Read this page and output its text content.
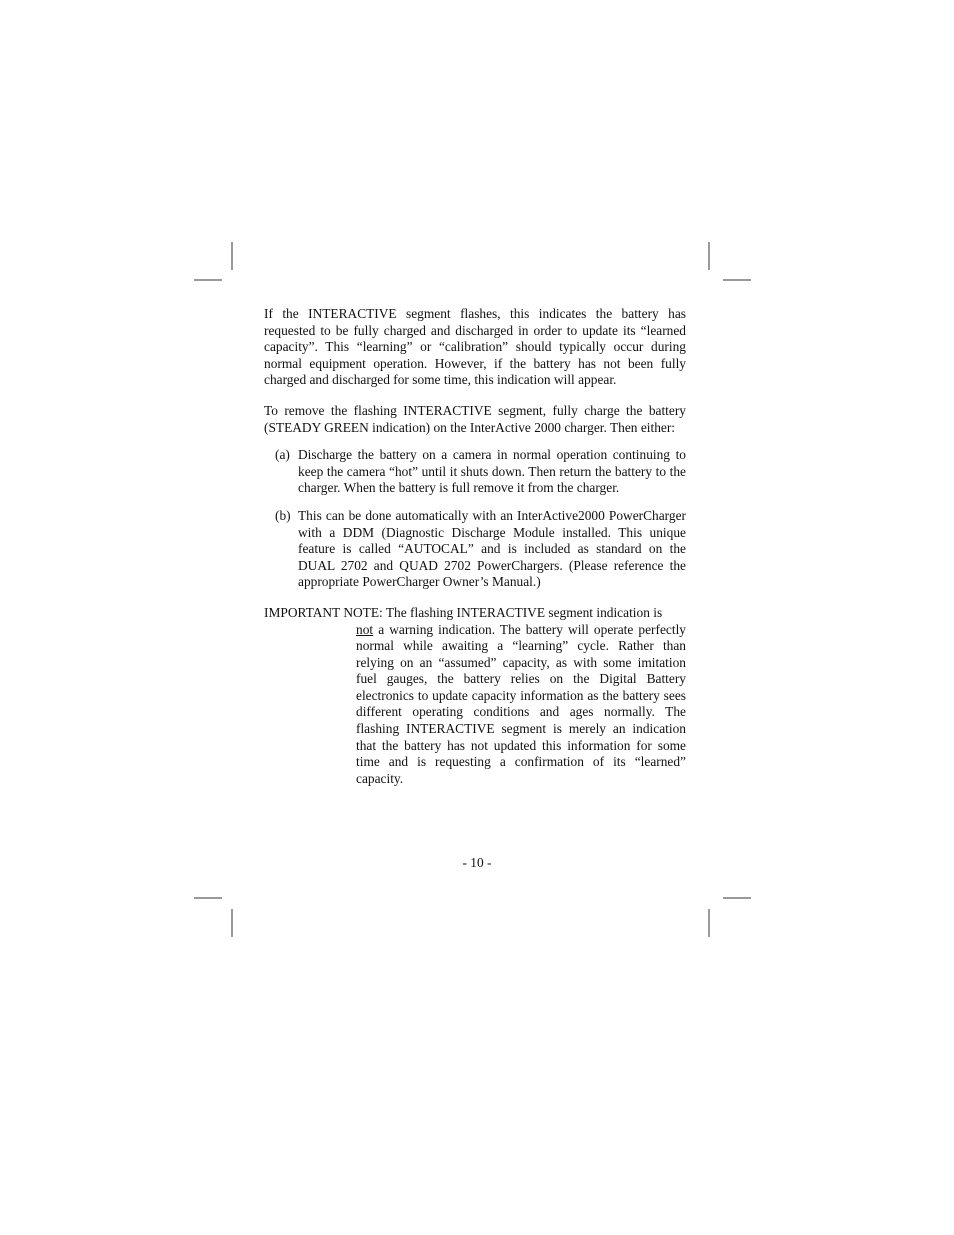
If the INTERACTIVE segment flashes, this indicates the battery has requested to be fully charged and discharged in order to update its “learned capacity”. This “learning” or “calibration” should typically occur during normal equipment operation. However, if the battery has not been fully charged and discharged for some time, this indication will appear.

To remove the flashing INTERACTIVE segment, fully charge the battery (STEADY GREEN indication) on the InterActive 2000 charger. Then either:

(a) Discharge the battery on a camera in normal operation continuing to keep the camera “hot” until it shuts down. Then return the battery to the charger. When the battery is full remove it from the charger.

(b) This can be done automatically with an InterActive2000 PowerCharger with a DDM (Diagnostic Discharge Module installed. This unique feature is called “AUTOCAL” and is included as standard on the DUAL 2702 and QUAD 2702 PowerChargers. (Please reference the appropriate PowerCharger Owner’s Manual.)

IMPORTANT NOTE: The flashing INTERACTIVE segment indication is

not a warning indication. The battery will operate perfectly normal while awaiting a “learning” cycle. Rather than relying on an “assumed” capacity, as with some imitation fuel gauges, the battery relies on the Digital Battery electronics to update capacity information as the battery sees different operating conditions and ages normally. The flashing INTERACTIVE segment is merely an indication that the battery has not updated this information for some time and is requesting a confirmation of its “learned” capacity.

- 10 -
